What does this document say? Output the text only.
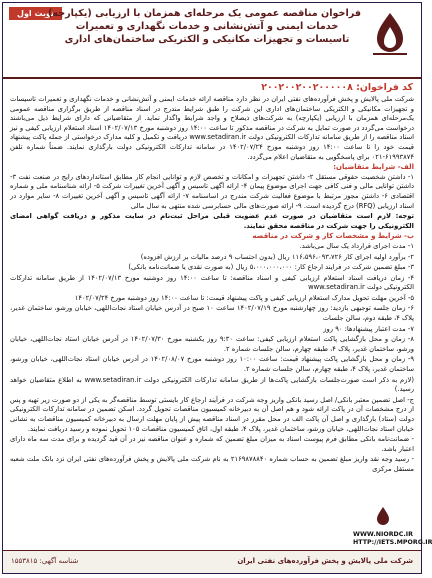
نوبت اول
فراخوان مناقصه عمومی یک مرحله‌ای همزمان با ارزیابی (یکپارچه)
خدمات ایمنی و آتش‌نشانی و خدمات نگهداری و تعمیرات
تاسیسات و تجهیزات مکانیکی و الکتریکی ساختمان‌های اداری
کد فراخوان: ۲۰۰۲۰۰۲۰۰۲۰۰۰۰۰۸

شرکت ملی پالایش و پخش فرآورده‌های نفتی ایران در نظر دارد مناقصه ارائه خدمات ایمنی و آتش‌نشانی و خدمات نگهداری و تعمیرات تاسیسات و تجهیزات مکانیکی و الکتریکی ساختمان‌های اداری این شرکت را طبق شرایط مندرج در اسناد مناقصه از طریق برگزاری مناقصه عمومی یک‌مرحله‌ای همزمان با ارزیابی (یکپارچه) به شرکت‌های ذیصلاح و واجد شرایط واگذار نماید. از متقاضیانی که دارای شرایط ذیل می‌باشند درخواست می‌گردد در صورت تمایل به شرکت در مناقصه مذکور تا ساعت ۱۴:۰۰ روز دوشنبه مورخ ۱۴۰۲/۰۷/۱۳ اسناد استعلام ارزیابی کیفی و نیز اسناد مناقصه را از طریق سامانه تدارکات الکترونیکی دولت www.setadiran.ir دریافت و تکمیل و کلیه مدارک درخواستی از جمله پاکت پیشنهاد قیمت خود را تا ساعت ۱۴:۰۰ روز دوشنبه مورخ ۱۴۰۲/۰۷/۲۴ در سامانه تدارکات الکترونیکی دولت بارگذاری نمایند. ضمناً شماره تلفن ۶۱۹۹۳۸۷۴-۰۲۱ برای پاسخگویی به متقاضیان اعلام می‌گردد.

الف- شرایط متقاضیان:

۱- داشتن شخصیت حقوقی مستقل ۲- داشتن تجهیزات و امکانات و تخصص لازم و توانایی انجام کار مطابق استانداردهای رایج در صنعت نفت ۳- داشتن توانایی مالی و فنی کافی جهت اجرای موضوع پیمان ۴- ارائه آگهی تاسیس و آگهی آخرین تغییرات شرکت ۵- ارائه شناسنامه ملی و شماره اقتصادی ۶- داشتن مجوز مرتبط با موضوع فعالیت شرکت مندرج در اساسنامه ۷- ارائه آگهی تاسیس و آگهی آخرین تغییرات ۸- سایر موارد در اسناد ارزیابی (RFQ) درج گردیده است. ۹- ارائه صورت‌های مالی حسابرسی شده منتهی به سال مالی

توجه: لازم است متقاضیان در صورت عدم عضویت قبلی مراحل ثبت‌نام در سایت مذکور و دریافت گواهی امضای الکترونیکی را جهت شرکت در مناقصه محقق نمایند.

ب- شرایط و مشخصات کار و شرکت در مناقصه
۱- مدت اجرای قرارداد یک سال می‌باشد.
۲- برآورد اولیه اجرای کار ۱۱۶،۵۹۶،۰۹۳،۷۲۶ ریال (بدون احتساب ۹ درصد مالیات بر ارزش افزوده)
۳- مبلغ تضمین شرکت در فرایند ارجاع کار: ۵،۰۰۰،۰۰۰،۰۰۰ ریال (به صورت نقدی یا ضمانت‌نامه بانکی)
۴- زمان دریافت اسناد استعلام ارزیابی کیفی و اسناد مناقصه: تا ساعت ۱۴:۰۰ روز دوشنبه مورخ ۱۴۰۲/۰۷/۱۳ از طریق سامانه تدارکات الکترونیکی دولت www.setadiran.ir
۵- آخرین مهلت تحویل مدارک استعلام ارزیابی کیفی و پاکت پیشنهاد قیمت: تا ساعت ۱۴:۰۰ روز دوشنبه مورخ ۱۴۰۲/۰۷/۲۴
۶- زمان جلسه توجیهی بازدید: روز چهارشنبه مورخ ۱۴۰۲/۰۷/۱۹ ساعت ۱۰ صبح در آدرس خیابان استاد نجات‌اللهی، خیابان ورشو، ساختمان غدیر، پلاک ۴، طبقه دوم، سالن جلسات
۷- مدت اعتبار پیشنهادها: ۹۰ روز
۸- زمان و محل بازگشایی پاکت استعلام ارزیابی کیفی: ساعت ۹:۳۰ روز یکشنبه مورخ ۱۴۰۲/۰۷/۳۰ در آدرس خیابان استاد نجات‌اللهی، خیابان ورشو، ساختمان غدیر، پلاک ۴، طبقه چهارم، سالن جلسات شماره ۲.
۹- زمان و محل بازگشایی پاکت پیشنهاد قیمت: ساعت ۱۰:۰۰ روز دوشنبه مورخ ۱۴۰۲/۰۸/۰۷ در آدرس خیابان استاد نجات‌اللهی، خیابان ورشو، ساختمان غدیر، پلاک ۴، طبقه چهارم، سالن جلسات شماره ۲.
(لازم به ذکر است صورت‌جلسات بازگشایی پاکت‌ها از طریق سامانه تدارکات الکترونیکی دولت www.setadiran.ir به اطلاع متقاضیان خواهد رسید.)
ج- اصل تضمین معتبر بانکی/ اصل رسید بانکی واریز وجه شرکت در فرآیند ارجاع کار بایستی توسط مناقصه‌گر به یکی از دو صورت زیر تهیه و پس از درج مشخصات آن در پاکت ارائه شود و هم اصل آن به دبیرخانه کمیسیون مناقصات تحویل گردد. اسکن تضمین در سامانه تدارکات الکترونیکی دولت (ستاد) بارگذاری و اصل آن پاکت الف در محل مقرر در اسناد مناقصه پیش از پایان مهلت ارسال به دبیرخانه کمیسیون مناقصات به نشانی خیابان استاد نجات‌اللهی، خیابان ورشو، ساختمان غدیر، پلاک ۴، طبقه اول، اتاق کمیسیون مناقصات ۱۰۵ تحویل نموده و رسید دریافت نمایند.
- ضمانت‌نامه بانکی مطابق فرم پیوست اسناد به میزان مبلغ تضمین که شماره و عنوان مناقصه نیز در آن قید گردیده و برای مدت سه ماه دارای اعتبار باشد.
- رسید وجه نقد واریز مبلغ تضمین به حساب شماره ۲۱۶۹۸۷۸۸۴۰ به نام شرکت ملی پالایش و پخش فرآورده‌های نفتی ایران نزد بانک ملت شعبه مستقل مرکزی
WWW.NIORDC.IR
HTTP://IETS.MPORG.IR
شرکت ملی پالایش و پخش فرآورده‌های نفتی ایران
شناسه آگهی: ۱۵۵۳۸۱۵
